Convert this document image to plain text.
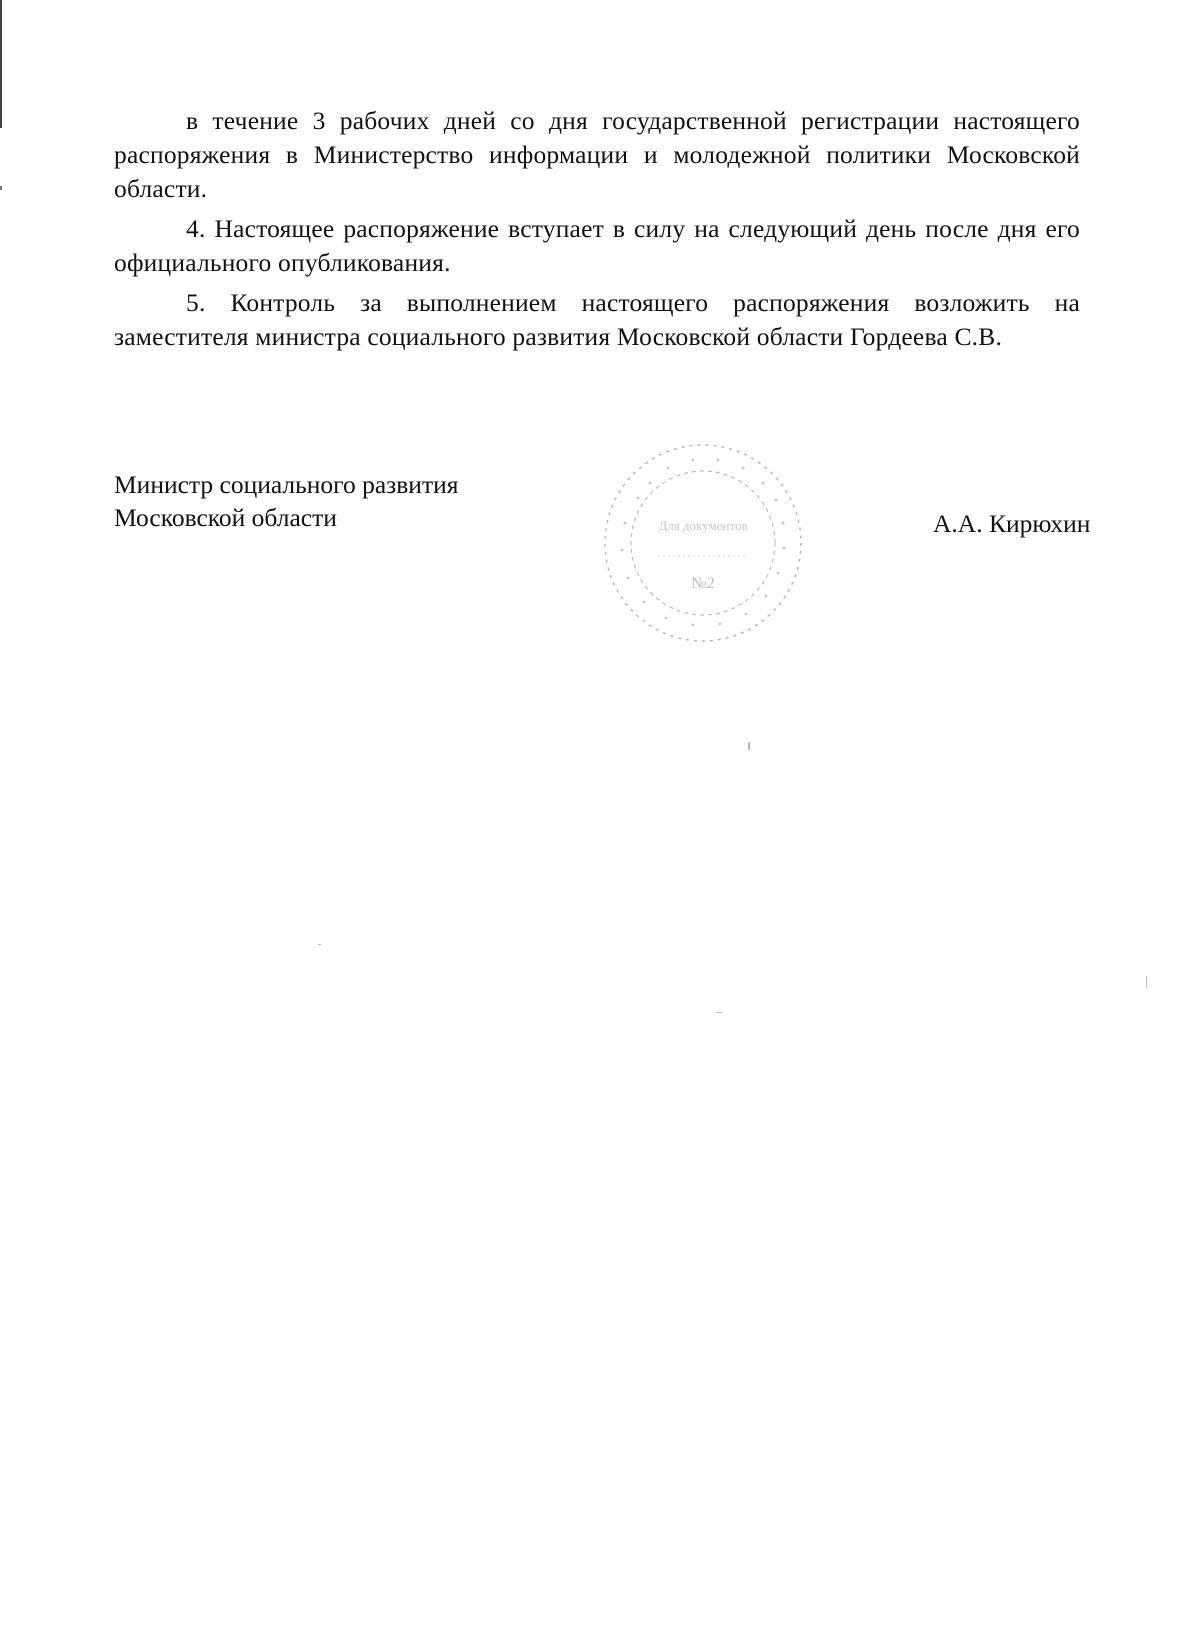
в течение 3 рабочих дней со дня государственной регистрации настоящего распоряжения в Министерство информации и молодежной политики Московской области.

4. Настоящее распоряжение вступает в силу на следующий день после дня его официального опубликования.

5. Контроль за выполнением настоящего распоряжения возложить на заместителя министра социального развития Московской области Гордеева С.В.

Министр социального развития
Московской области	Для документов
№2
А.А. Кирюхин
